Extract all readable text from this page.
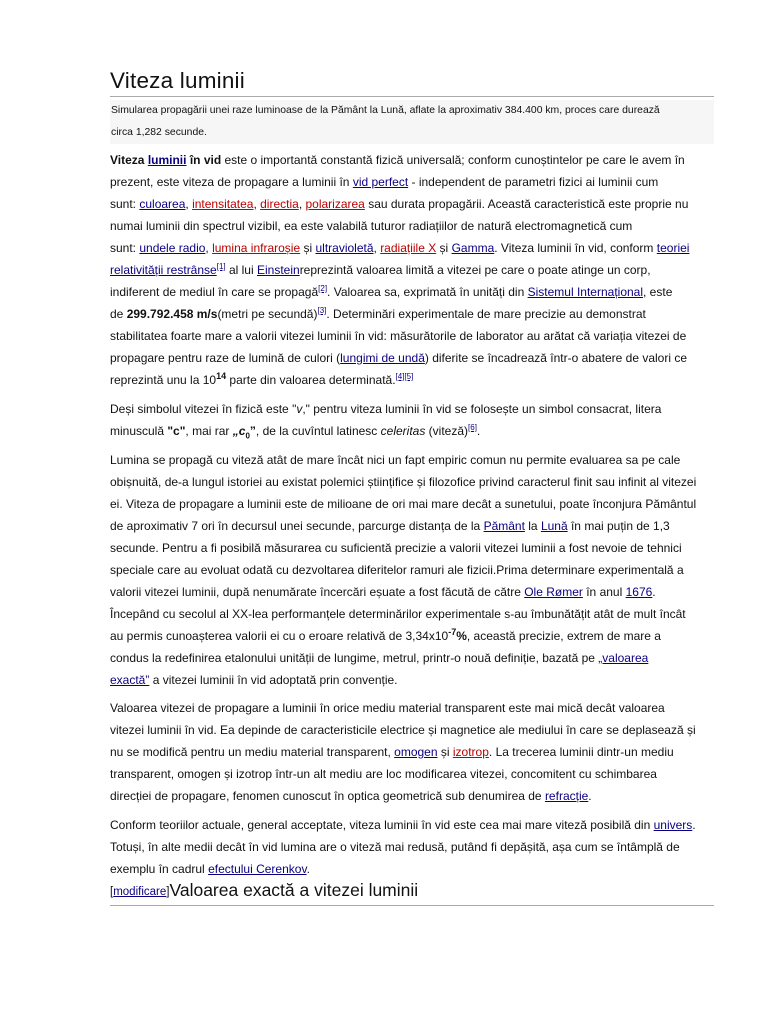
Viteza luminii
Simularea propagării unei raze luminoase de la Pământ la Lună, aflate la aproximativ 384.400 km, proces care durează
circa 1,282 secunde.
Viteza luminii în vid este o importantă constantă fizică universală; conform cunoștintelor pe care le avem în
prezent, este viteza de propagare a luminii în vid perfect - independent de parametri fizici ai luminii cum
sunt: culoarea, intensitatea, directia, polarizarea sau durata propagării. Această caracteristică este proprie nu
numai luminii din spectrul vizibil, ea este valabilă tuturor radiațiilor de natură electromagnetică cum
sunt: undele radio, lumina infraroșie și ultravioletă, radiațiile X și Gamma. Viteza luminii în vid, conform teoriei
relativității restrânse[1] al lui Einsteinreprezintă valoarea limită a vitezei pe care o poate atinge un corp,
indiferent de mediul în care se propagă[2]. Valoarea sa, exprimată în unități din Sistemul Internațional, este
de 299.792.458 m/s(metri pe secundă)[3]. Determinări experimentale de mare precizie au demonstrat
stabilitatea foarte mare a valorii vitezei luminii în vid: măsurătorile de laborator au arătat că variația vitezei de
propagare pentru raze de lumină de culori (lungimi de undă) diferite se încadrează într-o abatere de valori ce
reprezintă unu la $10^{14}$ parte din valoarea determinată.[4][5]
Deși simbolul vitezei în fizică este "v," pentru viteza luminii în vid se folosește un simbol consacrat, litera
minusculă "c", mai rar $„c_0$”, de la cuvîntul latinesc celeritas (viteză)[6].
Lumina se propagă cu viteză atât de mare încât nici un fapt empiric comun nu permite evaluarea sa pe cale
obișnuită, de-a lungul istoriei au existat polemici științifice și filozofice privind caracterul finit sau infinit al vitezei
ei. Viteza de propagare a luminii este de milioane de ori mai mare decât a sunetului, poate înconjura Pământul
de aproximativ 7 ori în decursul unei secunde, parcurge distanța de la Pământ la Lună în mai puțin de 1,3
secunde. Pentru a fi posibilă măsurarea cu suficientă precizie a valorii vitezei luminii a fost nevoie de tehnici
speciale care au evoluat odată cu dezvoltarea diferitelor ramuri ale fizicii.Prima determinare experimentală a
valorii vitezei luminii, după nenumărate încercări eșuate a fost făcută de către Ole Rømer în anul 1676.
Începând cu secolul al XX-lea performanțele determinărilor experimentale s-au îmbunătățit atât de mult încât
au permis cunoașterea valorii ei cu o eroare relativă de $3,34x10^{-7}\%$, această precizie, extrem de mare a
condus la redefinirea etalonului unității de lungime, metrul, printr-o nouă definiție, bazată pe „valoarea
exactă” a vitezei luminii în vid adoptată prin convenție.
Valoarea vitezei de propagare a luminii în orice mediu material transparent este mai mică decât valoarea
vitezei luminii în vid. Ea depinde de caracteristicile electrice și magnetice ale mediului în care se deplasează și
nu se modifică pentru un mediu material transparent, omogen și izotrop. La trecerea luminii dintr-un mediu
transparent, omogen și izotrop într-un alt mediu are loc modificarea vitezei, concomitent cu schimbarea
direcției de propagare, fenomen cunoscut în optica geometrică sub denumirea de refracție.
Conform teoriilor actuale, general acceptate, viteza luminii în vid este cea mai mare viteză posibilă din univers.
Totuși, în alte medii decât în vid lumina are o viteză mai redusă, putând fi depășită, așa cum se întâmplă de
exemplu în cadrul efectului Cerenkov.
[modificare]Valoarea exactă a vitezei luminii
